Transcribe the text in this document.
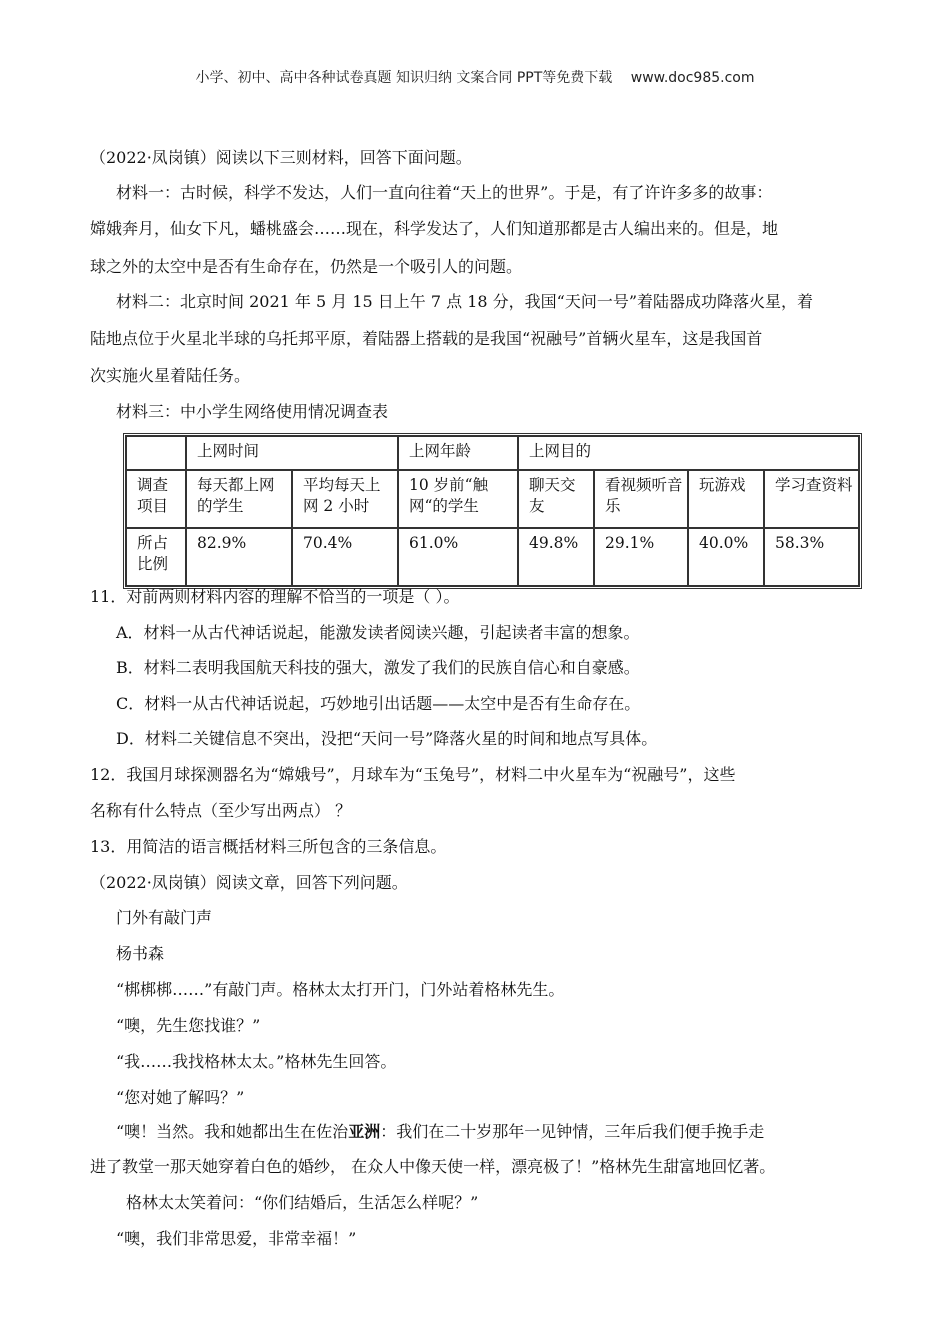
小学、初中、高中各种试卷真题 知识归纳 文案合同 PPT等免费下载 www.doc985.com
（2022·凤岗镇）阅读以下三则材料，回答下面问题。
材料一：古时候，科学不发达，人们一直向往着“天上的世界”。于是，有了许许多多的故事：
嫦娥奔月，仙女下凡，蟠桃盛会……现在，科学发达了，人们知道那都是古人编出来的。但是，地
球之外的太空中是否有生命存在，仍然是一个吸引人的问题。
材料二：北京时间 2021 年 5 月 15 日上午 7 点 18 分，我国“天问一号”着陆器成功降落火星，着
陆地点位于火星北半球的乌托邦平原，着陆器上搭载的是我国“祝融号”首辆火星车，这是我国首
次实施火星着陆任务。
材料三：中小学生网络使用情况调查表
	上网时间		上网年龄	上网目的			
调查项目	每天都上网的学生	平均每天上网 2 小时	10 岁前“触网“的学生	聊天交友	看视频听音乐	玩游戏	学习查资料
所占比例	82.9%	70.4%	61.0%	49.8%	29.1%	40.0%	58.3%
11．对前两则材料内容的理解不恰当的一项是（ ）。
A．材料一从古代神话说起，能激发读者阅读兴趣，引起读者丰富的想象。
B．材料二表明我国航天科技的强大，激发了我们的民族自信心和自豪感。
C．材料一从古代神话说起，巧妙地引出话题——太空中是否有生命存在。
D．材料二关键信息不突出，没把“天问一号”降落火星的时间和地点写具体。
12．我国月球探测器名为“嫦娥号”，月球车为“玉兔号”，材料二中火星车为“祝融号”，这些
名称有什么特点（至少写出两点） ？
13．用简洁的语言概括材料三所包含的三条信息。
（2022·凤岗镇）阅读文章，回答下列问题。
门外有敲门声
杨书森
“梆梆梆……”有敲门声。格林太太打开门，门外站着格林先生。
“噢，先生您找谁？”
“我……我找格林太太。”格林先生回答。
“您对她了解吗？”
“噢！当然。我和她都出生在佐治亚洲：我们在二十岁那年一见钟情，三年后我们便手挽手走
进了教堂一那天她穿着白色的婚纱， 在众人中像天使一样，漂亮极了！”格林先生甜富地回忆著。
格林太太笑着问：“你们结婚后，生活怎么样呢？”
“噢，我们非常思爱，非常幸福！”
